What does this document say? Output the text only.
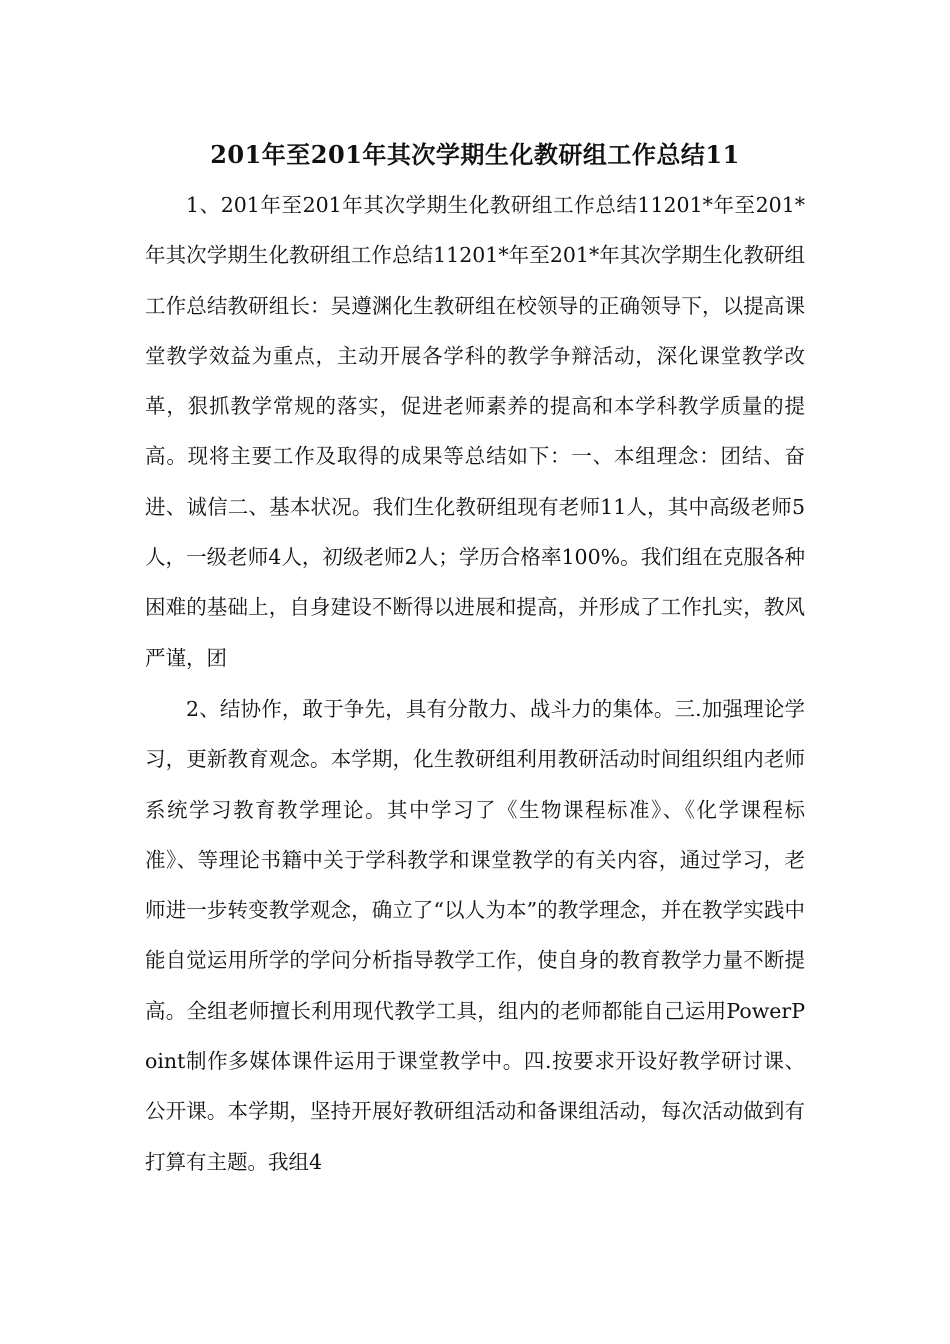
201年至201年其次学期生化教研组工作总结11

1、201年至201年其次学期生化教研组工作总结11201*年至201*年其次学期生化教研组工作总结11201*年至201*年其次学期生化教研组工作总结教研组长：吴遵渊化生教研组在校领导的正确领导下，以提高课堂教学效益为重点，主动开展各学科的教学争辩活动，深化课堂教学改革，狠抓教学常规的落实，促进老师素养的提高和本学科教学质量的提高。现将主要工作及取得的成果等总结如下：一、本组理念：团结、奋进、诚信二、基本状况。我们生化教研组现有老师11人，其中高级老师5人，一级老师4人，初级老师2人；学历合格率100%。我们组在克服各种困难的基础上，自身建设不断得以进展和提高，并形成了工作扎实，教风严谨，团

2、结协作，敢于争先，具有分散力、战斗力的集体。三.加强理论学习，更新教育观念。本学期，化生教研组利用教研活动时间组织组内老师系统学习教育教学理论。其中学习了《生物课程标准》、《化学课程标准》、等理论书籍中关于学科教学和课堂教学的有关内容，通过学习，老师进一步转变教学观念，确立了“以人为本”的教学理念，并在教学实践中能自觉运用所学的学问分析指导教学工作，使自身的教育教学力量不断提高。全组老师擅长利用现代教学工具，组内的老师都能自己运用PowerPoint制作多媒体课件运用于课堂教学中。四.按要求开设好教学研讨课、公开课。本学期，坚持开展好教研组活动和备课组活动，每次活动做到有打算有主题。我组4
